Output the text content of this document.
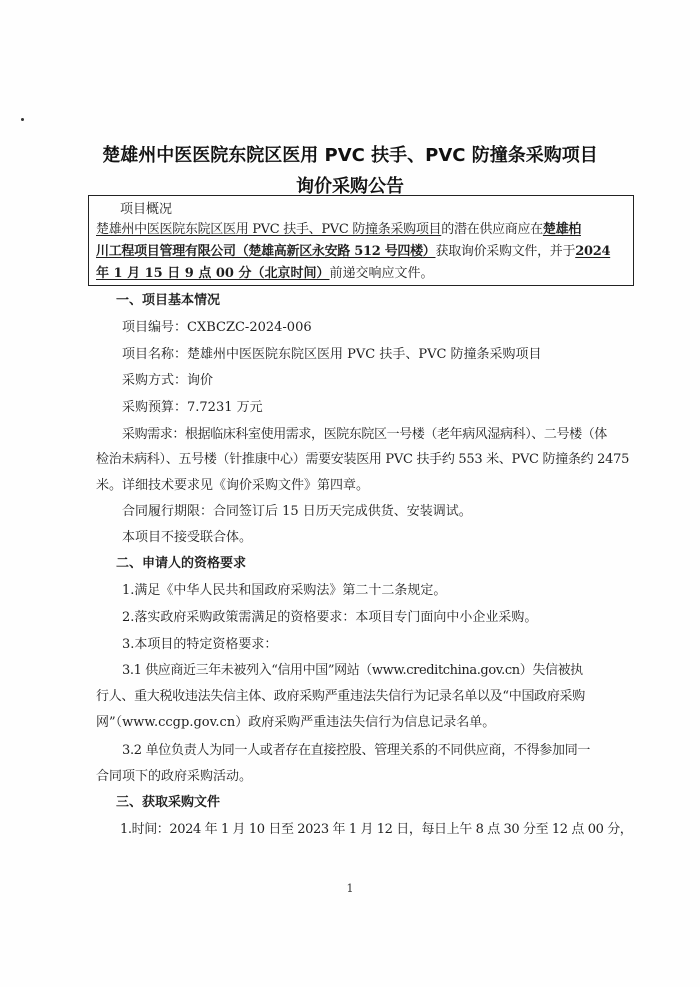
楚雄州中医医院东院区医用 PVC 扶手、PVC 防撞条采购项目
询价采购公告
项目概况
楚雄州中医医院东院区医用 PVC 扶手、PVC 防撞条采购项目的潜在供应商应在楚雄柏
川工程项目管理有限公司（楚雄高新区永安路 512 号四楼）获取询价采购文件，并于2024
年 1 月 15 日 9 点 00 分（北京时间）前递交响应文件。
一、项目基本情况
项目编号：CXBCZC-2024-006
项目名称：楚雄州中医医院东院区医用 PVC 扶手、PVC 防撞条采购项目
采购方式：询价
采购预算：7.7231 万元
采购需求：根据临床科室使用需求，医院东院区一号楼（老年病风湿病科）、二号楼（体
检治未病科）、五号楼（针推康中心）需要安装医用 PVC 扶手约 553 米、PVC 防撞条约 2475
米。详细技术要求见《询价采购文件》第四章。
合同履行期限：合同签订后 15 日历天完成供货、安装调试。
本项目不接受联合体。
二、申请人的资格要求
1.满足《中华人民共和国政府采购法》第二十二条规定。
2.落实政府采购政策需满足的资格要求：本项目专门面向中小企业采购。
3.本项目的特定资格要求：
3.1 供应商近三年未被列入“信用中国”网站（www.creditchina.gov.cn）失信被执
行人、重大税收违法失信主体、政府采购严重违法失信行为记录名单以及“中国政府采购
网”（www.ccgp.gov.cn）政府采购严重违法失信行为信息记录名单。
3.2 单位负责人为同一人或者存在直接控股、管理关系的不同供应商，不得参加同一
合同项下的政府采购活动。
三、获取采购文件
1.时间：2024 年 1 月 10 日至 2023 年 1 月 12 日，每日上午 8 点 30 分至 12 点 00 分，
1
